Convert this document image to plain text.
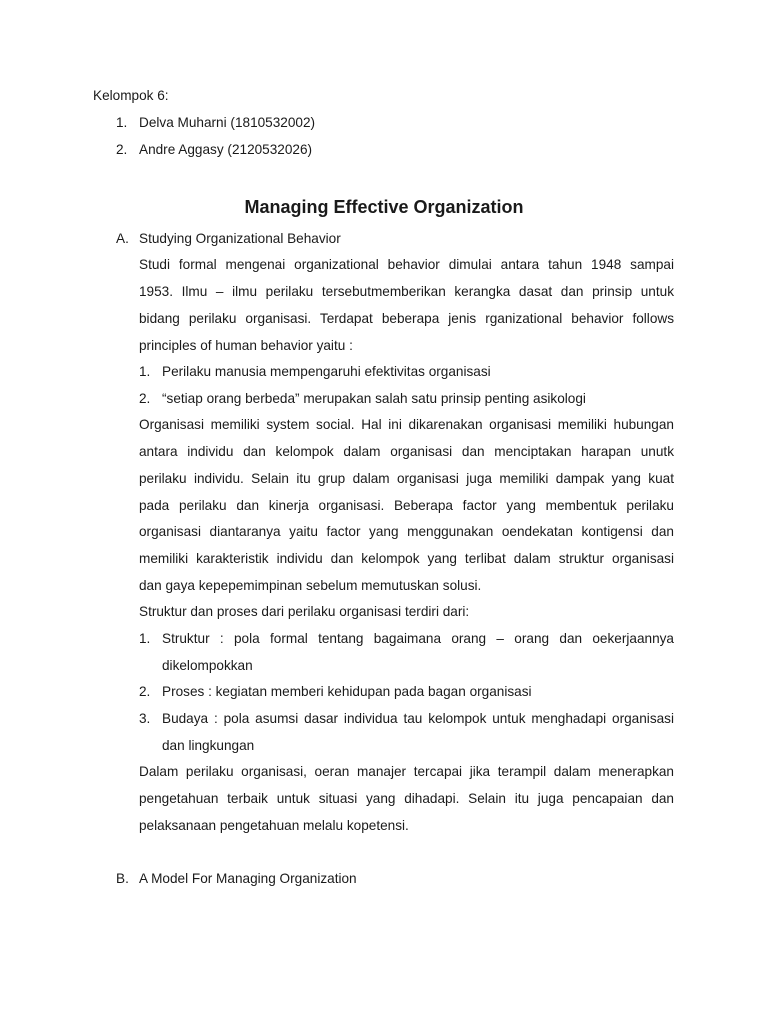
Kelompok 6:
1. Delva Muharni (1810532002)
2. Andre Aggasy (2120532026)
Managing Effective Organization
A. Studying Organizational Behavior
Studi formal mengenai organizational behavior dimulai antara tahun 1948 sampai
1953. Ilmu – ilmu perilaku tersebutmemberikan kerangka dasat dan prinsip untuk
bidang perilaku organisasi. Terdapat beberapa jenis rganizational behavior follows
principles of human behavior yaitu :
1. Perilaku manusia mempengaruhi efektivitas organisasi
2. “setiap orang berbeda” merupakan salah satu prinsip penting asikologi
Organisasi memiliki system social. Hal ini dikarenakan organisasi memiliki hubungan
antara individu dan kelompok dalam organisasi dan menciptakan harapan unutk
perilaku individu. Selain itu grup dalam organisasi juga memiliki dampak yang kuat
pada perilaku dan kinerja organisasi. Beberapa factor yang membentuk perilaku
organisasi diantaranya yaitu factor yang menggunakan oendekatan kontigensi dan
memiliki karakteristik individu dan kelompok yang terlibat dalam struktur organisasi
dan gaya kepepemimpinan sebelum memutuskan solusi.
Struktur dan proses dari perilaku organisasi terdiri dari:
1. Struktur : pola formal tentang bagaimana orang – orang dan oekerjaannya
dikelompokkan
2. Proses : kegiatan memberi kehidupan pada bagan organisasi
3. Budaya : pola asumsi dasar individua tau kelompok untuk menghadapi organisasi
dan lingkungan
Dalam perilaku organisasi, oeran manajer tercapai jika terampil dalam menerapkan
pengetahuan terbaik untuk situasi yang dihadapi. Selain itu juga pencapaian dan
pelaksanaan pengetahuan melalu kopetensi.
B. A Model For Managing Organization
